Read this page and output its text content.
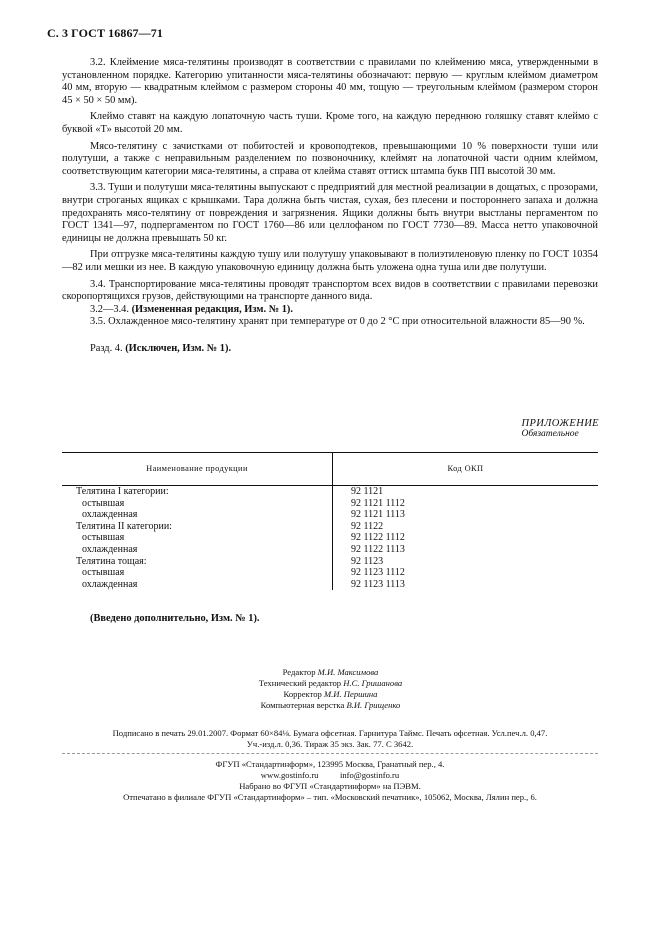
С. 3 ГОСТ 16867—71

3.2. Клеймение мяса-телятины производят в соответствии с правилами по клеймению мяса, утвержденными в установленном порядке. Категорию упитанности мяса-телятины обозначают: первую — круглым клеймом диаметром 40 мм, вторую — квадратным клеймом с размером стороны 40 мм, тощую — треугольным клеймом (размером сторон 45 × 50 × 50 мм).

Клеймо ставят на каждую лопаточную часть туши. Кроме того, на каждую переднюю голяшку ставят клеймо с буквой «Т» высотой 20 мм.

Мясо-телятину с зачистками от побитостей и кровоподтеков, превышающими 10 % поверхности туши или полутуши, а также с неправильным разделением по позвоночнику, клеймят на лопаточной части одним клеймом, соответствующим категории мяса-телятины, а справа от клейма ставят оттиск штампа букв ПП высотой 30 мм.

3.3. Туши и полутуши мяса-телятины выпускают с предприятий для местной реализации в дощатых, с прозорами, внутри строганых ящиках с крышками. Тара должна быть чистая, сухая, без плесени и постороннего запаха и должна предохранять мясо-телятину от повреждения и загрязнения. Ящики должны быть внутри выстланы пергаментом по ГОСТ 1341—97, подпергаментом по ГОСТ 1760—86 или целлофаном по ГОСТ 7730—89. Масса нетто упаковочной единицы не должна превышать 50 кг.

При отгрузке мяса-телятины каждую тушу или полутушу упаковывают в полиэтиленовую пленку по ГОСТ 10354—82 или мешки из нее. В каждую упаковочную единицу должна быть уложена одна туша или две полутуши.

3.4. Транспортирование мяса-телятины проводят транспортом всех видов в соответствии с правилами перевозки скоропортящихся грузов, действующими на транспорте данного вида.

3.2—3.4. (Измененная редакция, Изм. № 1).

3.5. Охлажденное мясо-телятину хранят при температуре от 0 до 2 °С при относительной влажности 85—90 %.

Разд. 4. (Исключен, Изм. № 1).

ПРИЛОЖЕНИЕ
Обязательное
Наименование продукции	Код ОКП
Телятина I категории:	92 1121
остывшая	92 1121 1112
охлажденная	92 1121 1113
Телятина II категории:	92 1122
остывшая	92 1122 1112
охлажденная	92 1122 1113
Телятина тощая:	92 1123
остывшая	92 1123 1112
охлажденная	92 1123 1113
(Введено дополнительно, Изм. № 1).
Редактор М.И. Максимова
Технический редактор Н.С. Гришанова
Корректор М.И. Першина
Компьютерная верстка В.И. Грищенко
Подписано в печать 29.01.2007. Формат 60×84⅛. Бумага офсетная. Гарнитура Таймс. Печать офсетная. Усл.печ.л. 0,47.
Уч.-изд.л. 0,36. Тираж 35 экз. Зак. 77. С 3642.
ФГУП «Стандартинформ», 123995 Москва, Гранатный пер., 4.
www.gostinfo.ru info@gostinfo.ru
Набрано во ФГУП «Стандартинформ» на ПЭВМ.
Отпечатано в филиале ФГУП «Стандартинформ» – тип. «Московский печатник», 105062, Москва, Лялин пер., 6.
